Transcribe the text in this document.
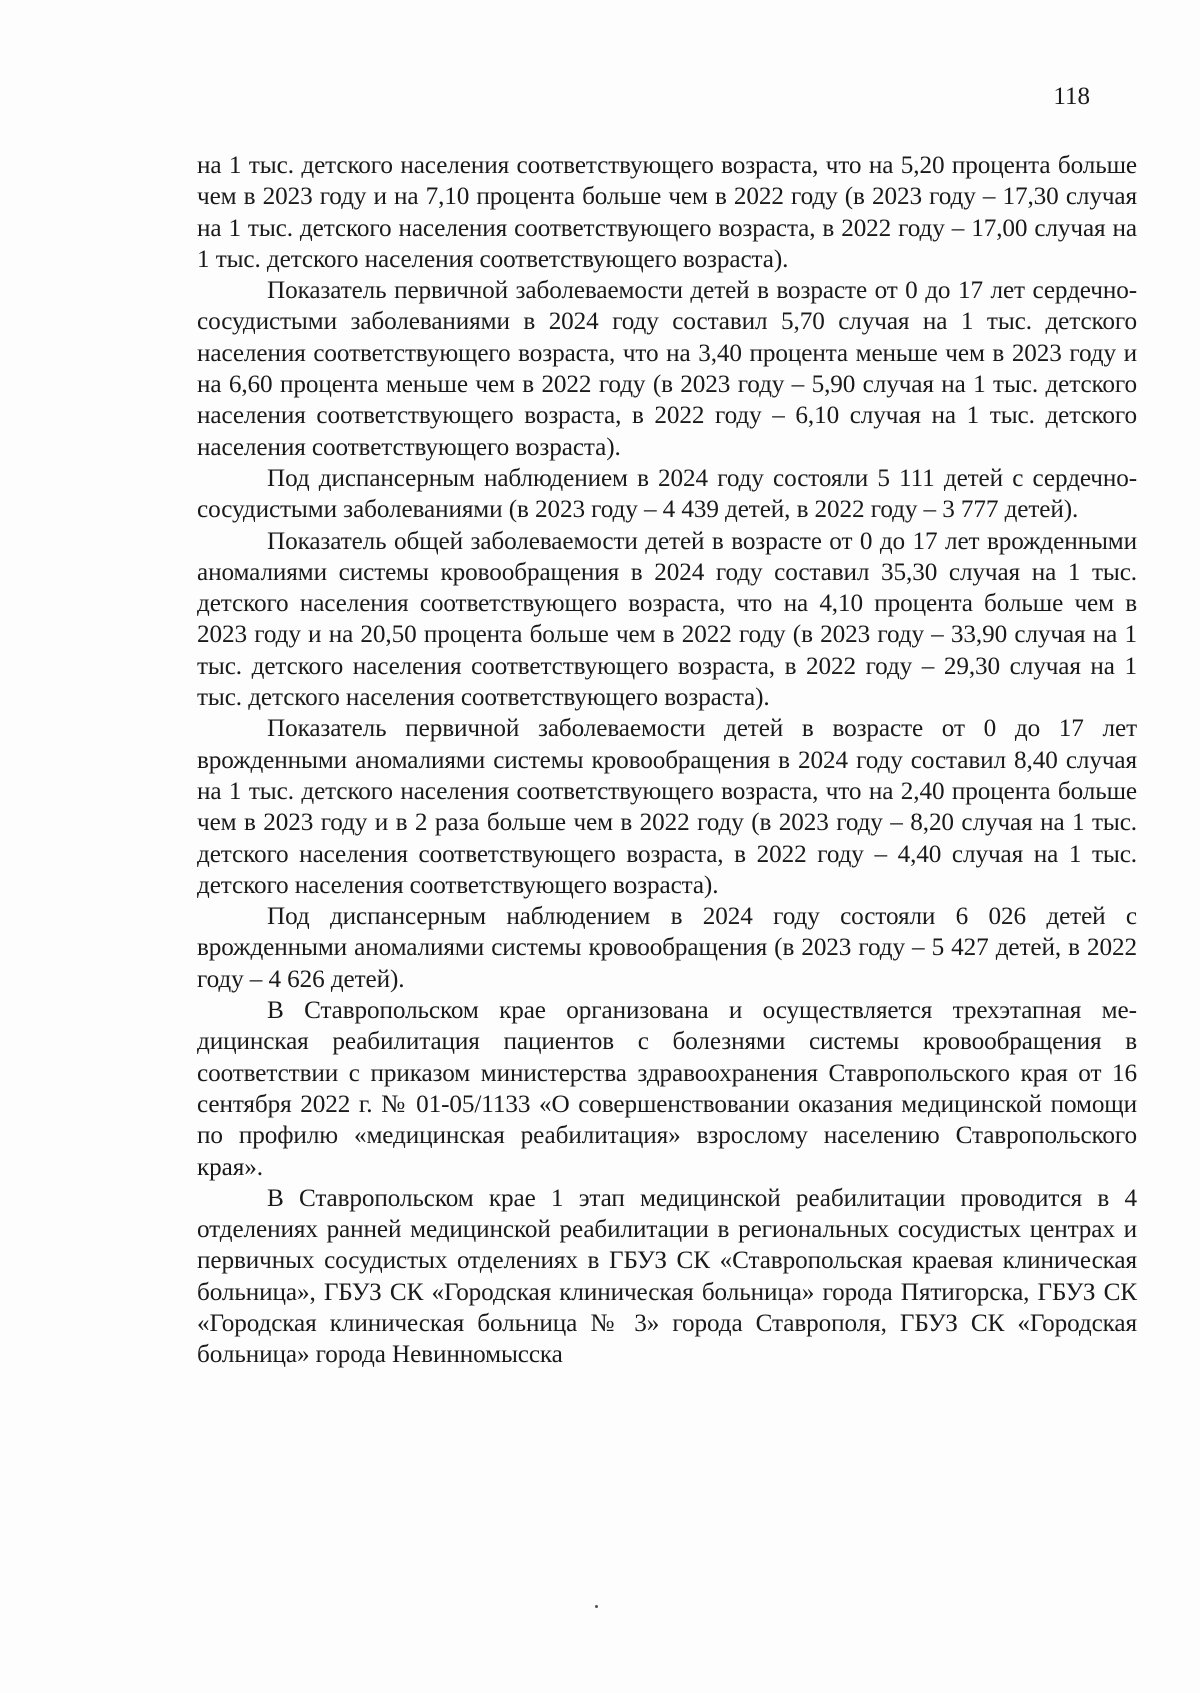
118

на 1 тыс. детского населения соответствующего возраста, что на 5,20 процента больше чем в 2023 году и на 7,10 процента больше чем в 2022 году (в 2023 году – 17,30 случая на 1 тыс. детского населения соответствующего возраста, в 2022 году – 17,00 случая на 1 тыс. детского населения соответствующего возраста).

Показатель первичной заболеваемости детей в возрасте от 0 до 17 лет сердечно-сосудистыми заболеваниями в 2024 году составил 5,70 случая на 1 тыс. детского населения соответствующего возраста, что на 3,40 процента меньше чем в 2023 году и на 6,60 процента меньше чем в 2022 году (в 2023 году – 5,90 случая на 1 тыс. детского населения соответствующего возраста, в 2022 году – 6,10 случая на 1 тыс. детского населения соответствующего возраста).

Под диспансерным наблюдением в 2024 году состояли 5 111 детей с сердечно-сосудистыми заболеваниями (в 2023 году – 4 439 детей, в 2022 году – 3 777 детей).

Показатель общей заболеваемости детей в возрасте от 0 до 17 лет врожденными аномалиями системы кровообращения в 2024 году составил 35,30 случая на 1 тыс. детского населения соответствующего возраста, что на 4,10 процента больше чем в 2023 году и на 20,50 процента больше чем в 2022 году (в 2023 году – 33,90 случая на 1 тыс. детского населения соответствующего возраста, в 2022 году – 29,30 случая на 1 тыс. детского населения соответствующего возраста).

Показатель первичной заболеваемости детей в возрасте от 0 до 17 лет врожденными аномалиями системы кровообращения в 2024 году составил 8,40 случая на 1 тыс. детского населения соответствующего возраста, что на 2,40 процента больше чем в 2023 году и в 2 раза больше чем в 2022 году (в 2023 году – 8,20 случая на 1 тыс. детского населения соответствующего возраста, в 2022 году – 4,40 случая на 1 тыс. детского населения соответствующего возраста).

Под диспансерным наблюдением в 2024 году состояли 6 026 детей с врожденными аномалиями системы кровообращения (в 2023 году – 5 427 детей, в 2022 году – 4 626 детей).

В Ставропольском крае организована и осуществляется трехэтапная медицинская реабилитация пациентов с болезнями системы кровообращения в соответствии с приказом министерства здравоохранения Ставропольского края от 16 сентября 2022 г. № 01-05/1133 «О совершенствовании оказания медицинской помощи по профилю «медицинская реабилитация» взрослому населению Ставропольского края».

В Ставропольском крае 1 этап медицинской реабилитации проводится в 4 отделениях ранней медицинской реабилитации в региональных сосудистых центрах и первичных сосудистых отделениях в ГБУЗ СК «Ставропольская краевая клиническая больница», ГБУЗ СК «Городская клиническая больница» города Пятигорска, ГБУЗ СК «Городская клиническая больница № 3» города Ставрополя, ГБУЗ СК «Городская больница» города Невинномысска
